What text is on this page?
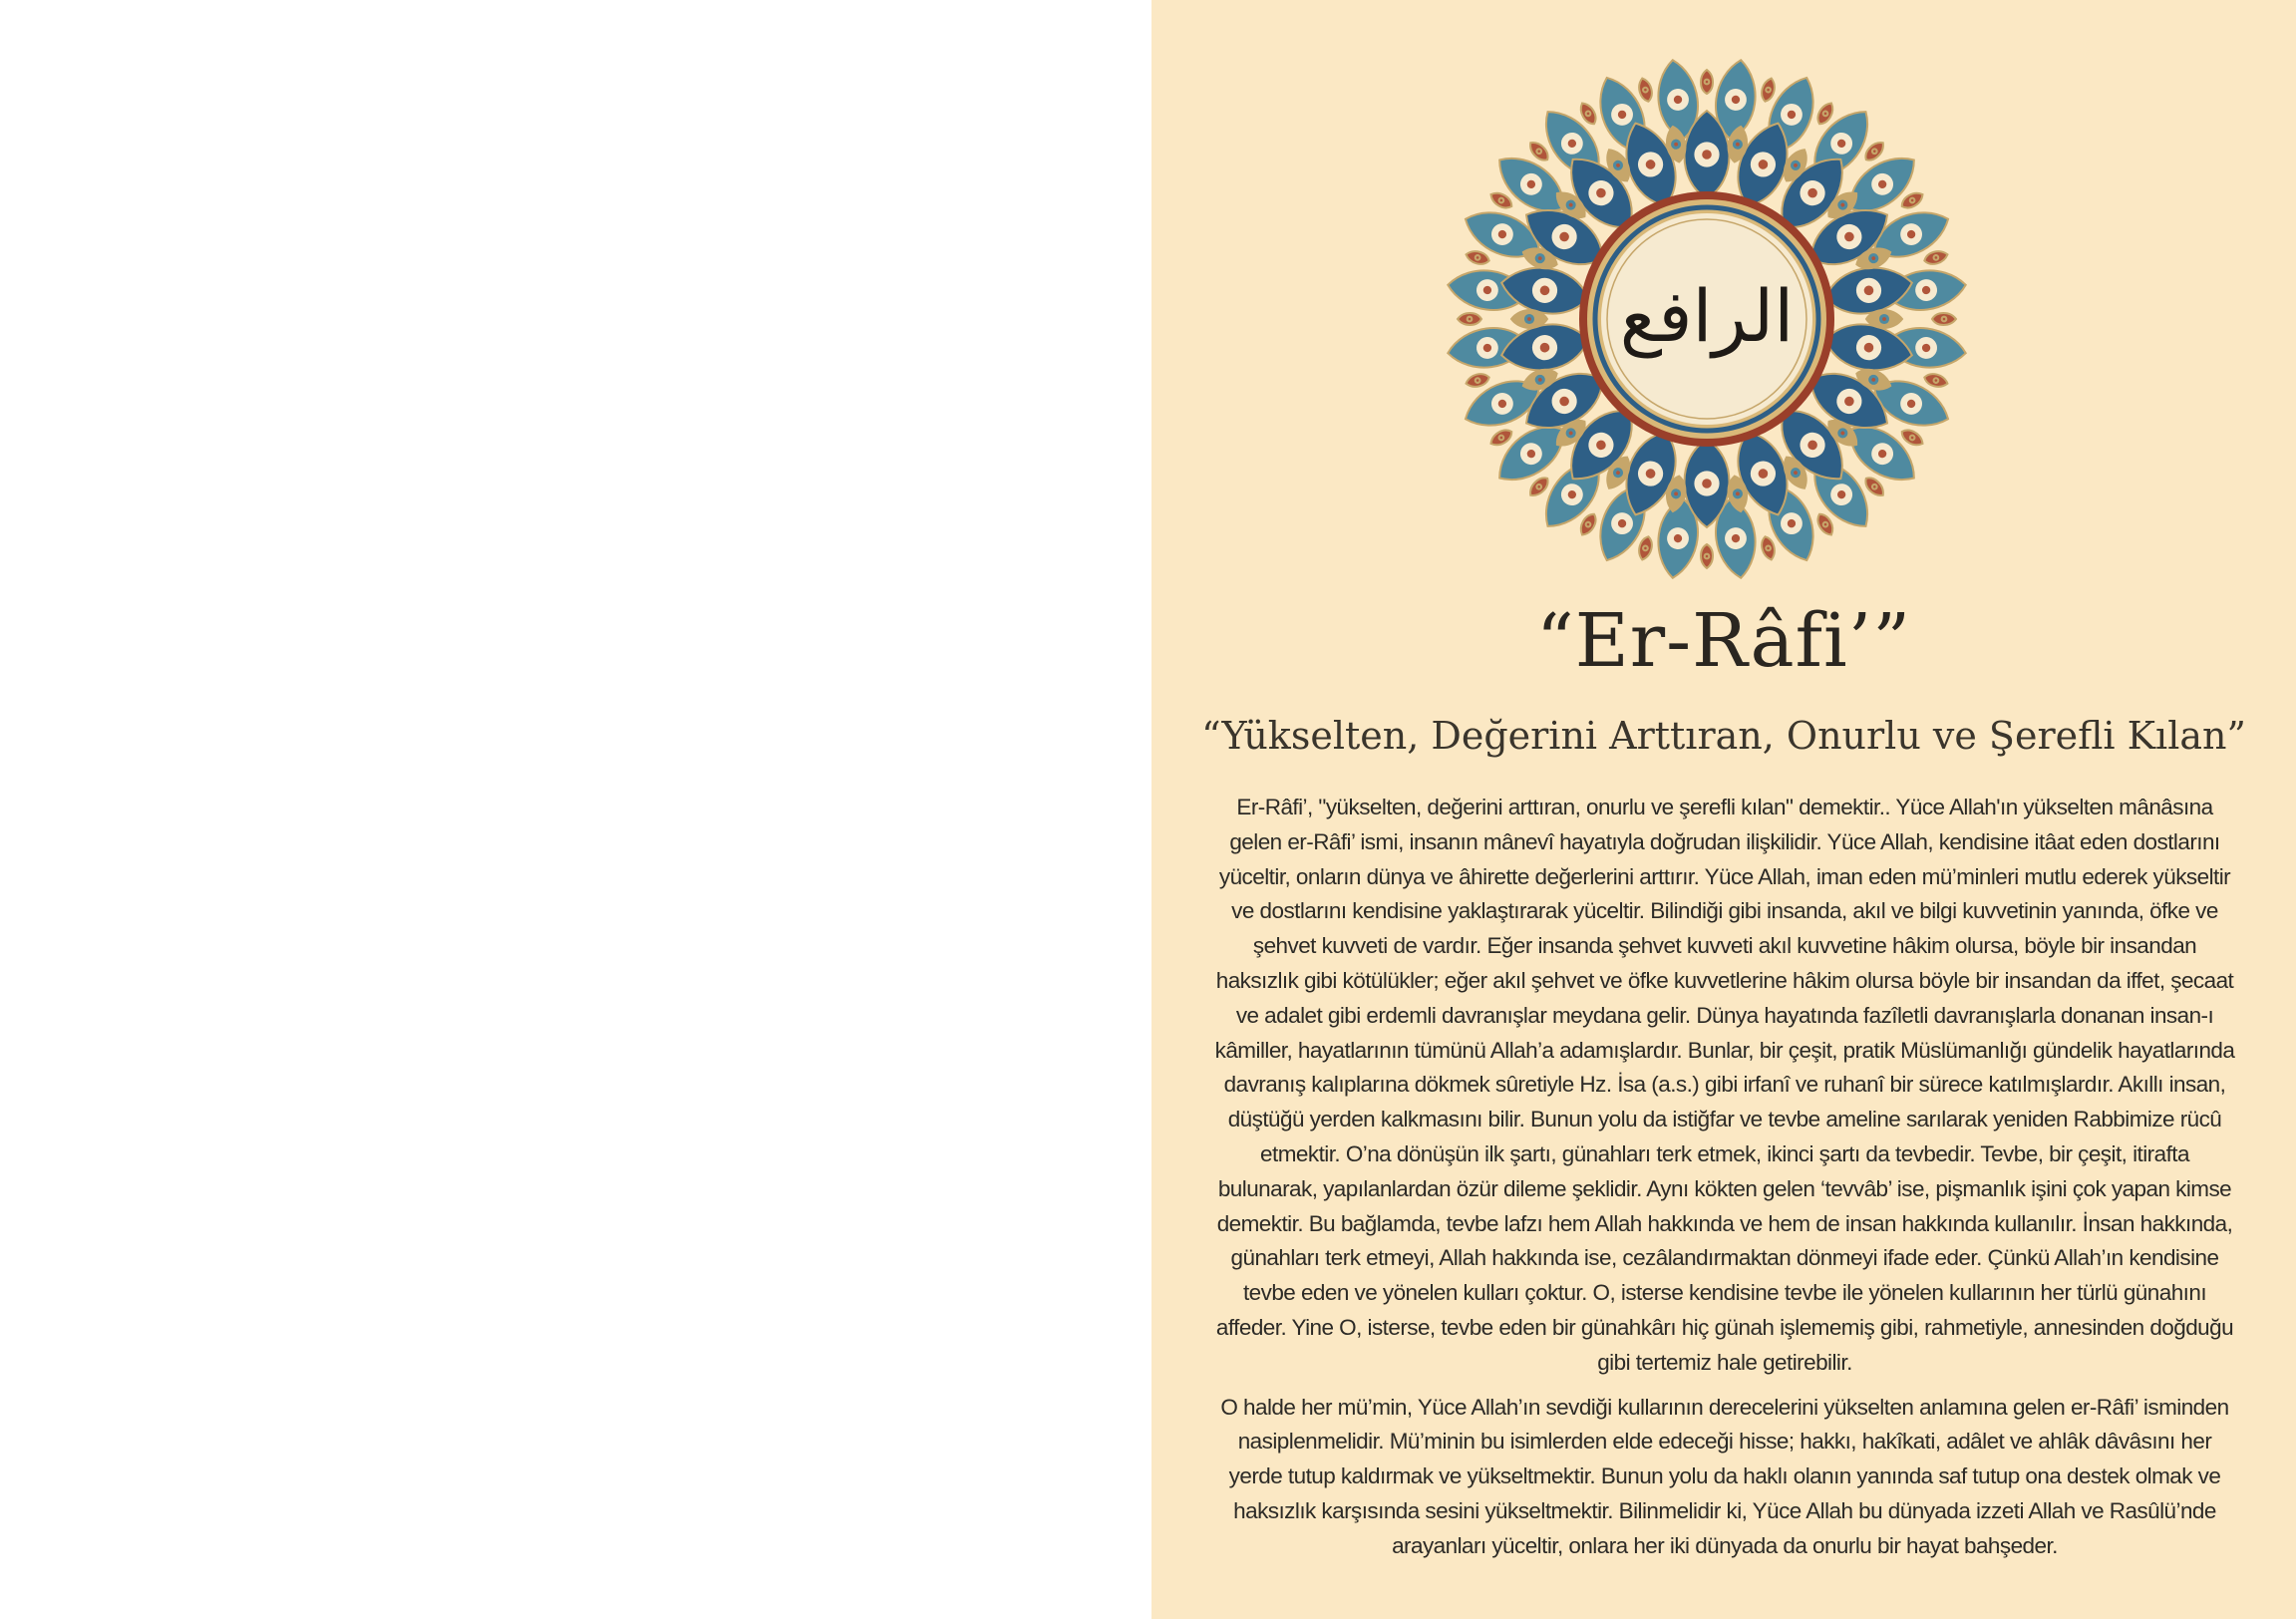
الرافع
“Er-Râfi’”
“Yükselten, Değerini Arttıran, Onurlu ve Şerefli Kılan”

Er-Râfi’, "yükselten, değerini arttıran, onurlu ve şerefli kılan" demektir.. Yüce Allah'ın yükselten mânâsına gelen er-Râfi’ ismi, insanın mânevî hayatıyla doğrudan ilişkilidir. Yüce Allah, kendisine itâat eden dostlarını yüceltir, onların dünya ve âhirette değerlerini arttırır. Yüce Allah, iman eden mü’minleri mutlu ederek yükseltir ve dostlarını kendisine yaklaştırarak yüceltir. Bilindiği gibi insanda, akıl ve bilgi kuvvetinin yanında, öfke ve şehvet kuvveti de vardır. Eğer insanda şehvet kuvveti akıl kuvvetine hâkim olursa, böyle bir insandan haksızlık gibi kötülükler; eğer akıl şehvet ve öfke kuvvetlerine hâkim olursa böyle bir insandan da iffet, şecaat ve adalet gibi erdemli davranışlar meydana gelir. Dünya hayatında fazîletli davranışlarla donanan insan-ı kâmiller, hayatlarının tümünü Allah’a adamışlardır. Bunlar, bir çeşit, pratik Müslümanlığı gündelik hayatlarında davranış kalıplarına dökmek sûretiyle Hz. İsa (a.s.) gibi irfanî ve ruhanî bir sürece katılmışlardır. Akıllı insan, düştüğü yerden kalkmasını bilir. Bunun yolu da istiğfar ve tevbe ameline sarılarak yeniden Rabbimize rücû etmektir. O’na dönüşün ilk şartı, günahları terk etmek, ikinci şartı da tevbedir. Tevbe, bir çeşit, itirafta bulunarak, yapılanlardan özür dileme şeklidir. Aynı kökten gelen ‘tevvâb’ ise, pişmanlık işini çok yapan kimse demektir. Bu bağlamda, tevbe lafzı hem Allah hakkında ve hem de insan hakkında kullanılır. İnsan hakkında, günahları terk etmeyi, Allah hakkında ise, cezâlandırmaktan dönmeyi ifade eder. Çünkü Allah’ın kendisine tevbe eden ve yönelen kulları çoktur. O, isterse kendisine tevbe ile yönelen kullarının her türlü günahını affeder. Yine O, isterse, tevbe eden bir günahkârı hiç günah işlememiş gibi, rahmetiyle, annesinden doğduğu gibi tertemiz hale getirebilir.

O halde her mü’min, Yüce Allah’ın sevdiği kullarının derecelerini yükselten anlamına gelen er-Râfi’ isminden nasiplenmelidir. Mü’minin bu isimlerden elde edeceği hisse; hakkı, hakîkati, adâlet ve ahlâk dâvâsını her yerde tutup kaldırmak ve yükseltmektir. Bunun yolu da haklı olanın yanında saf tutup ona destek olmak ve haksızlık karşısında sesini yükseltmektir. Bilinmelidir ki, Yüce Allah bu dünyada izzeti Allah ve Rasûlü’nde arayanları yüceltir, onlara her iki dünyada da onurlu bir hayat bahşeder.
